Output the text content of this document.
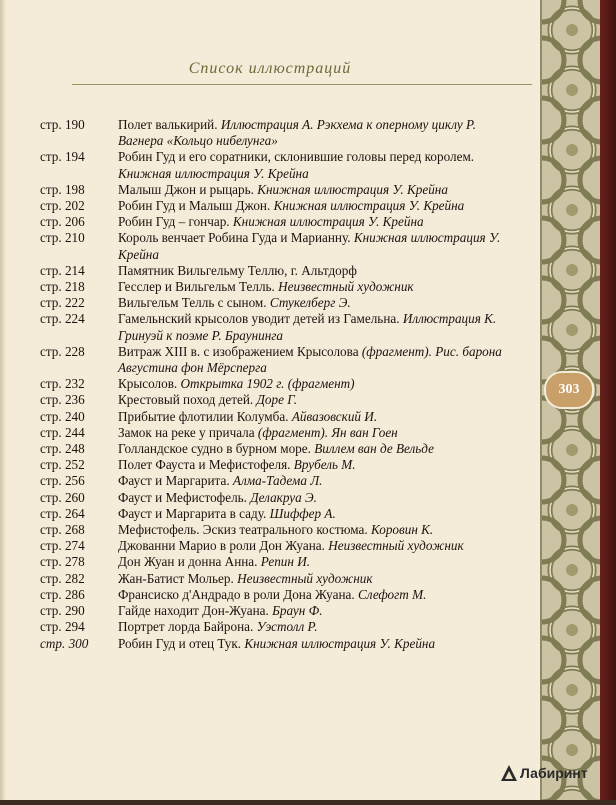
Список иллюстраций
стр. 190	Полет валькирий. Иллюстрация А. Рэкхема к оперному циклу Р. Вагнера «Кольцо нибелунга»
стр. 194	Робин Гуд и его соратники, склонившие головы перед королем. Книжная иллюстрация У. Крейна
стр. 198	Малыш Джон и рыцарь. Книжная иллюстрация У. Крейна
стр. 202	Робин Гуд и Малыш Джон. Книжная иллюстрация У. Крейна
стр. 206	Робин Гуд – гончар. Книжная иллюстрация У. Крейна
стр. 210	Король венчает Робина Гуда и Марианну. Книжная иллюстрация У. Крейна
стр. 214	Памятник Вильгельму Теллю, г. Альтдорф
стр. 218	Гесслер и Вильгельм Телль. Неизвестный художник
стр. 222	Вильгельм Телль с сыном. Стукелберг Э.
стр. 224	Гамельнский крысолов уводит детей из Гамельна. Иллюстрация К. Гринуэй к поэме Р. Браунинга
стр. 228	Витраж XIII в. с изображением Крысолова (фрагмент). Рис. барона Августина фон Мёрсперга
стр. 232	Крысолов. Открытка 1902 г. (фрагмент)
стр. 236	Крестовый поход детей. Доре Г.
стр. 240	Прибытие флотилии Колумба. Айвазовский И.
стр. 244	Замок на реке у причала (фрагмент). Ян ван Гоен
стр. 248	Голландское судно в бурном море. Виллем ван де Вельде
стр. 252	Полет Фауста и Мефистофеля. Врубель М.
стр. 256	Фауст и Маргарита. Алма-Тадема Л.
стр. 260	Фауст и Мефистофель. Делакруа Э.
стр. 264	Фауст и Маргарита в саду. Шиффер А.
стр. 268	Мефистофель. Эскиз театрального костюма. Коровин К.
стр. 274	Джованни Марио в роли Дон Жуана. Неизвестный художник
стр. 278	Дон Жуан и донна Анна. Репин И.
стр. 282	Жан-Батист Мольер. Неизвестный художник
стр. 286	Франсиско д'Андрадо в роли Дона Жуана. Слефогт М.
стр. 290	Гайде находит Дон-Жуана. Браун Ф.
стр. 294	Портрет лорда Байрона. Уэстолл Р.
стр. 300	Робин Гуд и отец Тук. Книжная иллюстрация У. Крейна
303
Лабиринт
